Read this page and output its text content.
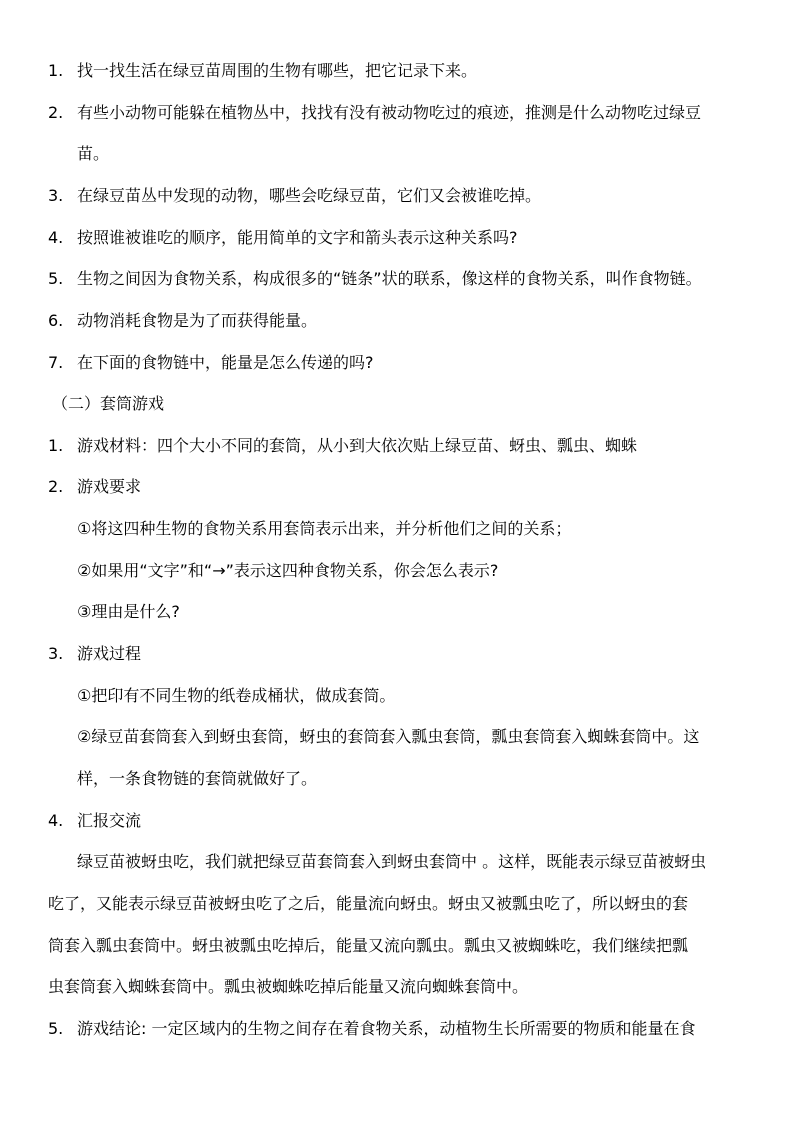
1. 找一找生活在绿豆苗周围的生物有哪些，把它记录下来。
2. 有些小动物可能躲在植物丛中，找找有没有被动物吃过的痕迹，推测是什么动物吃过绿豆
苗。
3. 在绿豆苗丛中发现的动物，哪些会吃绿豆苗，它们又会被谁吃掉。
4. 按照谁被谁吃的顺序，能用简单的文字和箭头表示这种关系吗?
5. 生物之间因为食物关系，构成很多的“链条”状的联系，像这样的食物关系，叫作食物链。
6. 动物消耗食物是为了而获得能量。
7. 在下面的食物链中，能量是怎么传递的吗?
（二）套筒游戏
1. 游戏材料：四个大小不同的套筒，从小到大依次贴上绿豆苗、蚜虫、瓢虫、蜘蛛
2. 游戏要求
①将这四种生物的食物关系用套筒表示出来，并分析他们之间的关系；
②如果用“文字”和“→”表示这四种食物关系，你会怎么表示?
③理由是什么?
3. 游戏过程
①把印有不同生物的纸卷成桶状，做成套筒。
②绿豆苗套筒套入到蚜虫套筒，蚜虫的套筒套入瓢虫套筒，瓢虫套筒套入蜘蛛套筒中。这
样，一条食物链的套筒就做好了。
4. 汇报交流
绿豆苗被蚜虫吃，我们就把绿豆苗套筒套入到蚜虫套筒中 。这样，既能表示绿豆苗被蚜虫
吃了，又能表示绿豆苗被蚜虫吃了之后，能量流向蚜虫。蚜虫又被瓢虫吃了，所以蚜虫的套
筒套入瓢虫套筒中。蚜虫被瓢虫吃掉后，能量又流向瓢虫。瓢虫又被蜘蛛吃，我们继续把瓢
虫套筒套入蜘蛛套筒中。瓢虫被蜘蛛吃掉后能量又流向蜘蛛套筒中。
5. 游戏结论: 一定区域内的生物之间存在着食物关系，动植物生长所需要的物质和能量在食
